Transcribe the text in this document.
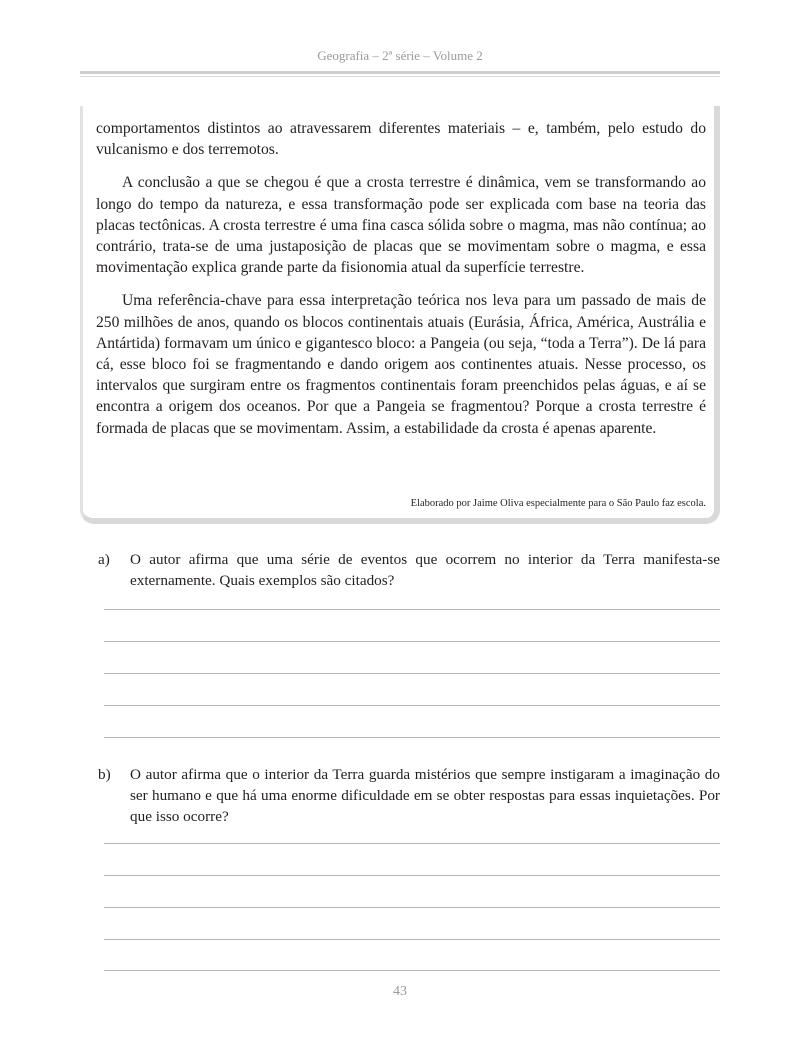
Geografia – 2ª série – Volume 2

comportamentos distintos ao atravessarem diferentes materiais – e, também, pelo estudo do vulcanismo e dos terremotos.

A conclusão a que se chegou é que a crosta terrestre é dinâmica, vem se transformando ao longo do tempo da natureza, e essa transformação pode ser explicada com base na teoria das placas tectônicas. A crosta terrestre é uma fina casca sólida sobre o magma, mas não contínua; ao contrário, trata-se de uma justaposição de placas que se movimentam sobre o magma, e essa movimentação explica grande parte da fisionomia atual da superfície terrestre.

Uma referência-chave para essa interpretação teórica nos leva para um passado de mais de 250 milhões de anos, quando os blocos continentais atuais (Eurásia, África, América, Austrália e Antártida) formavam um único e gigantesco bloco: a Pangeia (ou seja, “toda a Terra”). De lá para cá, esse bloco foi se fragmentando e dando origem aos continentes atuais. Nesse processo, os intervalos que surgiram entre os fragmentos continentais foram preenchidos pelas águas, e aí se encontra a origem dos oceanos. Por que a Pangeia se fragmentou? Porque a crosta terrestre é formada de placas que se movimentam. Assim, a estabilidade da crosta é apenas aparente.

Elaborado por Jaime Oliva especialmente para o São Paulo faz escola.
a) O autor afirma que uma série de eventos que ocorrem no interior da Terra manifesta-se externamente. Quais exemplos são citados?
b) O autor afirma que o interior da Terra guarda mistérios que sempre instigaram a imaginação do ser humano e que há uma enorme dificuldade em se obter respostas para essas inquietações. Por que isso ocorre?
43
